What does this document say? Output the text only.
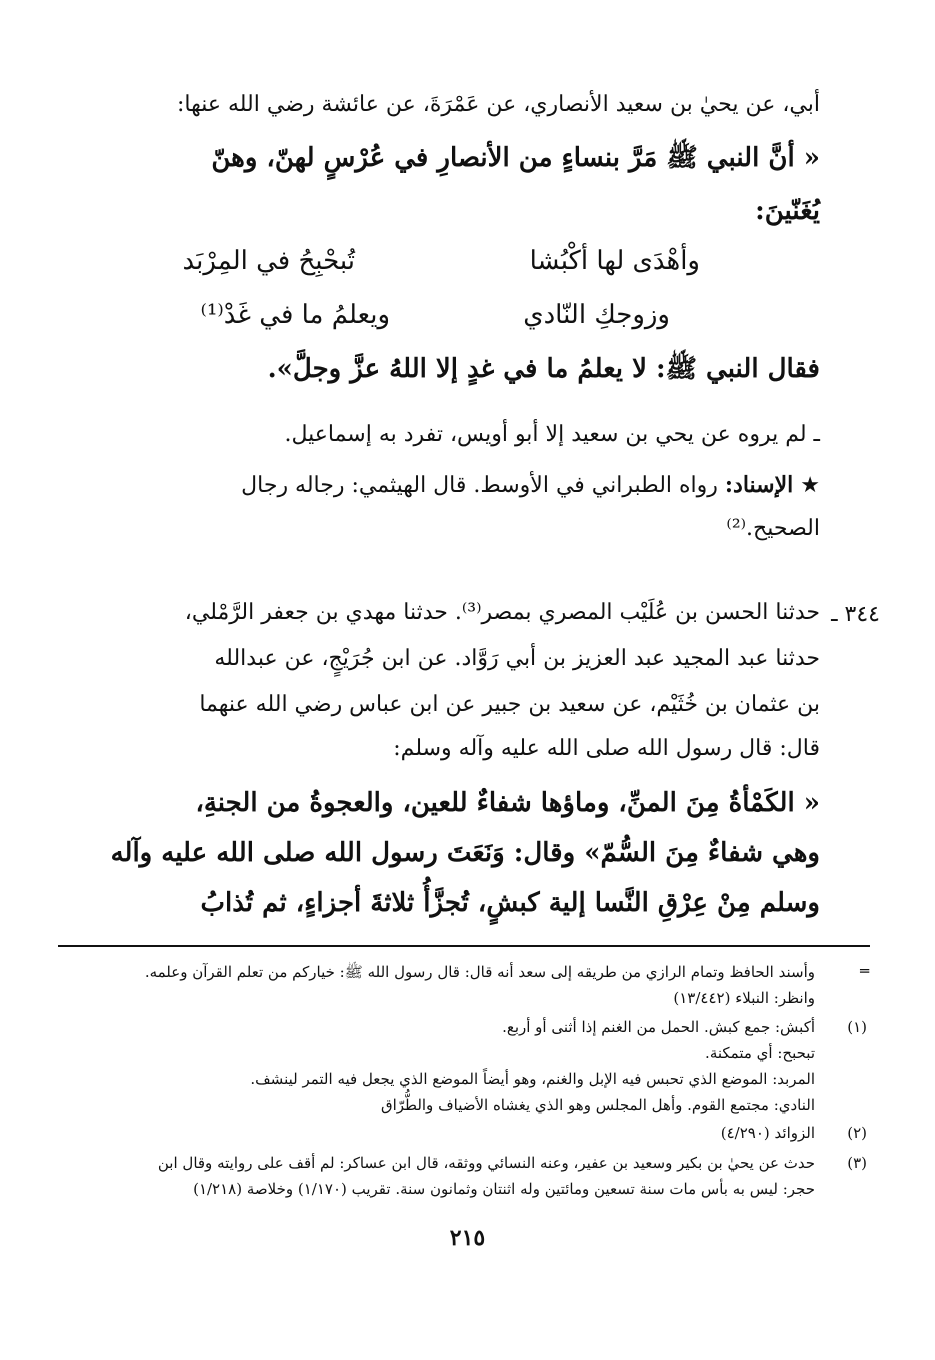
أبي، عن يحيٰ بن سعيد الأنصاري، عن عَمْرَةَ، عن عائشة رضي الله عنها:
« أنَّ النبي ﷺ مَرَّ بنساءٍ من الأنصارِ في عُرْسٍ لهنّ، وهنّ
يُغَنّينَ:
وأهْدَى لها أكْبُشا
تُبحْبِحُ في المِرْبَد
وزوجكِ النّادي
ويعلمُ ما في غَدْ⁽¹⁾
فقال النبي ﷺ: لا يعلمُ ما في غدٍ إلا اللهُ عزَّ وجلَّ».
ـ لم يروه عن يحي بن سعيد إلا أبو أويس، تفرد به إسماعيل.
★ الإسناد: رواه الطبراني في الأوسط. قال الهيثمي: رجاله رجال
الصحيح.⁽²⁾
٣٤٤ ـ
حدثنا الحسن بن عُلَيْب المصري بمصر⁽³⁾. حدثنا مهدي بن جعفر الرَّمْلي،
حدثنا عبد المجيد عبد العزيز بن أبي رَوَّاد. عن ابن جُرَيْجٍ، عن عبدالله
بن عثمان بن خُثَيْم، عن سعيد بن جبير عن ابن عباس رضي الله عنهما
قال: قال رسول الله صلى الله عليه وآله وسلم:
« الكَمْأةُ مِنَ المنِّ، وماؤها شفاءٌ للعين، والعجوةُ من الجنةِ،
وهي شفاءٌ مِنَ السُّمّ» وقال: وَنَعَتَ رسول الله صلى الله عليه وآله
وسلم مِنْ عِرْقِ النَّسا إلية كبشٍ، تُجزَّأُ ثلاثةَ أجزاءٍ، ثم تُذابُ
═
وأسند الحافظ وتمام الرازي من طريقه إلى سعد أنه قال: قال رسول الله ﷺ: خيارکم من تعلم القرآن وعلمه.
وانظر: النبلاء (١٣/٤٤٢)
(١)
أكبش: جمع كبش. الحمل من الغنم إذا أثنى أو أربع.
تبحبح: أي متمكنة.
المربد: الموضع الذي تحبس فيه الإبل والغنم، وهو أيضاً الموضع الذي يجعل فيه التمر لينشف.
النادي: مجتمع القوم. وأهل المجلس وهو الذي يغشاه الأضياف والطُّرّاق
(٢)
الزوائد (٤/٢٩٠)
(٣)
حدث عن يحيٰ بن بكير وسعيد بن عفير، وعنه النسائي ووثقه، قال ابن عساكر: لم أقف على روايته وقال ابن
حجر: ليس به بأس مات سنة تسعين ومائتين وله اثنتان وثمانون سنة. تقريب (١/١٧٠) وخلاصة (١/٢١٨)
٢١٥
